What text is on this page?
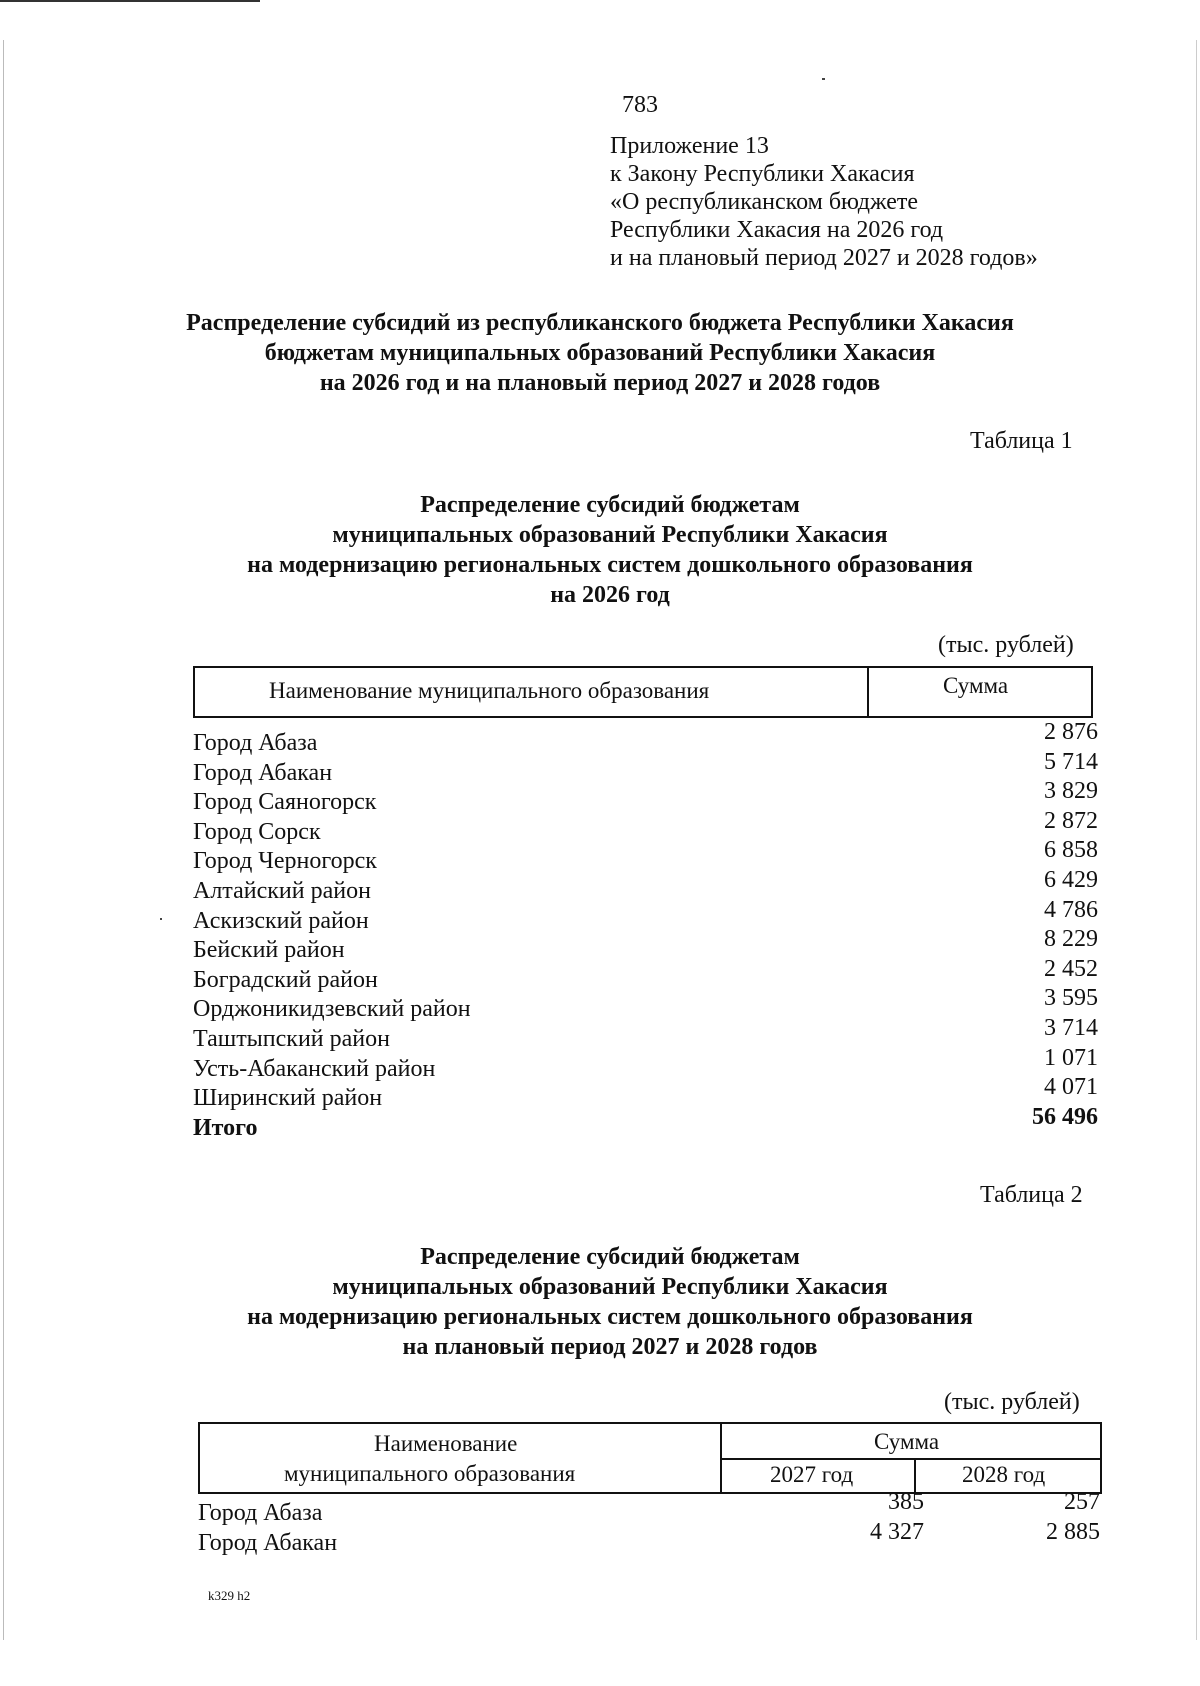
783
Приложение 13
к Закону Республики Хакасия
«О республиканском бюджете
Республики Хакасия на 2026 год
и на плановый период 2027 и 2028 годов»
Распределение субсидий из республиканского бюджета Республики Хакасия
бюджетам муниципальных образований Республики Хакасия
на 2026 год и на плановый период 2027 и 2028 годов
Таблица 1
Распределение субсидий бюджетам
муниципальных образований Республики Хакасия
на модернизацию региональных систем дошкольного образования
на 2026 год
(тыс. рублей)
Наименование муниципального образования	Сумма
Город Абаза	2 876
Город Абакан	5 714
Город Саяногорск	3 829
Город Сорск	2 872
Город Черногорск	6 858
Алтайский район	6 429
Аскизский район	4 786
Бейский район	8 229
Боградский район	2 452
Орджоникидзевский район	3 595
Таштыпский район	3 714
Усть-Абаканский район	1 071
Ширинский район	4 071
Итого	56 496
Таблица 2
Распределение субсидий бюджетам
муниципальных образований Республики Хакасия
на модернизацию региональных систем дошкольного образования
на плановый период 2027 и 2028 годов
(тыс. рублей)
Наименование
муниципального образования
Сумма
2027 год	2028 год
Город Абаза	385	257
Город Абакан	4 327	2 885
k329 h2
